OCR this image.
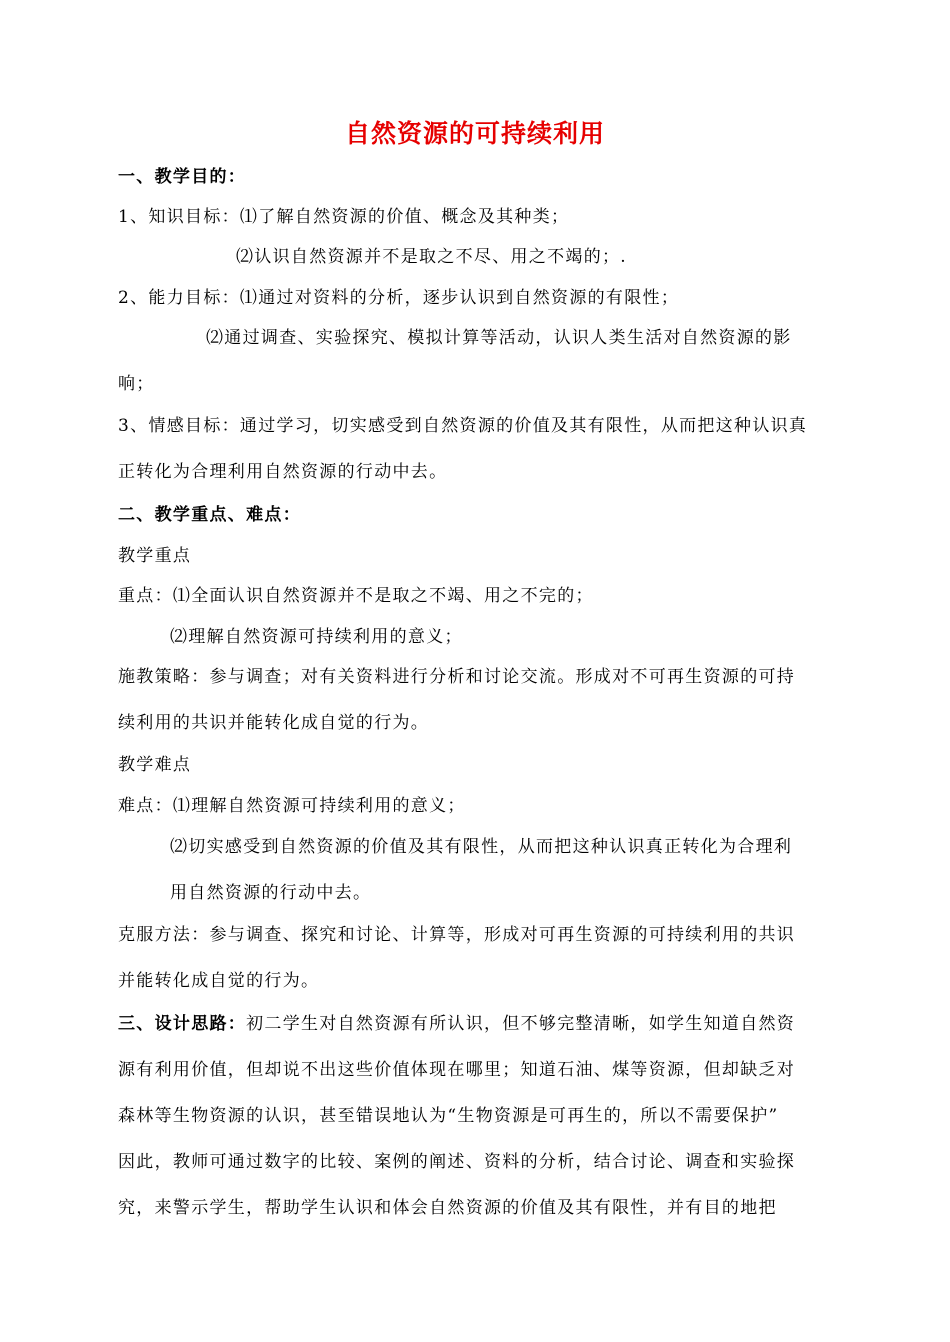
自然资源的可持续利用
一、教学目的：
1、知识目标：⑴了解自然资源的价值、概念及其种类；
⑵认识自然资源并不是取之不尽、用之不竭的；.
2、能力目标：⑴通过对资料的分析，逐步认识到自然资源的有限性；
⑵通过调查、实验探究、模拟计算等活动，认识人类生活对自然资源的影
响；
3、情感目标：通过学习，切实感受到自然资源的价值及其有限性，从而把这种认识真
正转化为合理利用自然资源的行动中去。
二、教学重点、难点：
教学重点
重点：⑴全面认识自然资源并不是取之不竭、用之不完的；
⑵理解自然资源可持续利用的意义；
施教策略：参与调查；对有关资料进行分析和讨论交流。形成对不可再生资源的可持
续利用的共识并能转化成自觉的行为。
教学难点
难点：⑴理解自然资源可持续利用的意义；
⑵切实感受到自然资源的价值及其有限性，从而把这种认识真正转化为合理利
用自然资源的行动中去。
克服方法：参与调查、探究和讨论、计算等，形成对可再生资源的可持续利用的共识
并能转化成自觉的行为。
三、设计思路：初二学生对自然资源有所认识，但不够完整清晰，如学生知道自然资
源有利用价值，但却说不出这些价值体现在哪里；知道石油、煤等资源，但却缺乏对
森林等生物资源的认识，甚至错误地认为“生物资源是可再生的，所以不需要保护”
因此，教师可通过数字的比较、案例的阐述、资料的分析，结合讨论、调查和实验探
究，来警示学生，帮助学生认识和体会自然资源的价值及其有限性，并有目的地把
